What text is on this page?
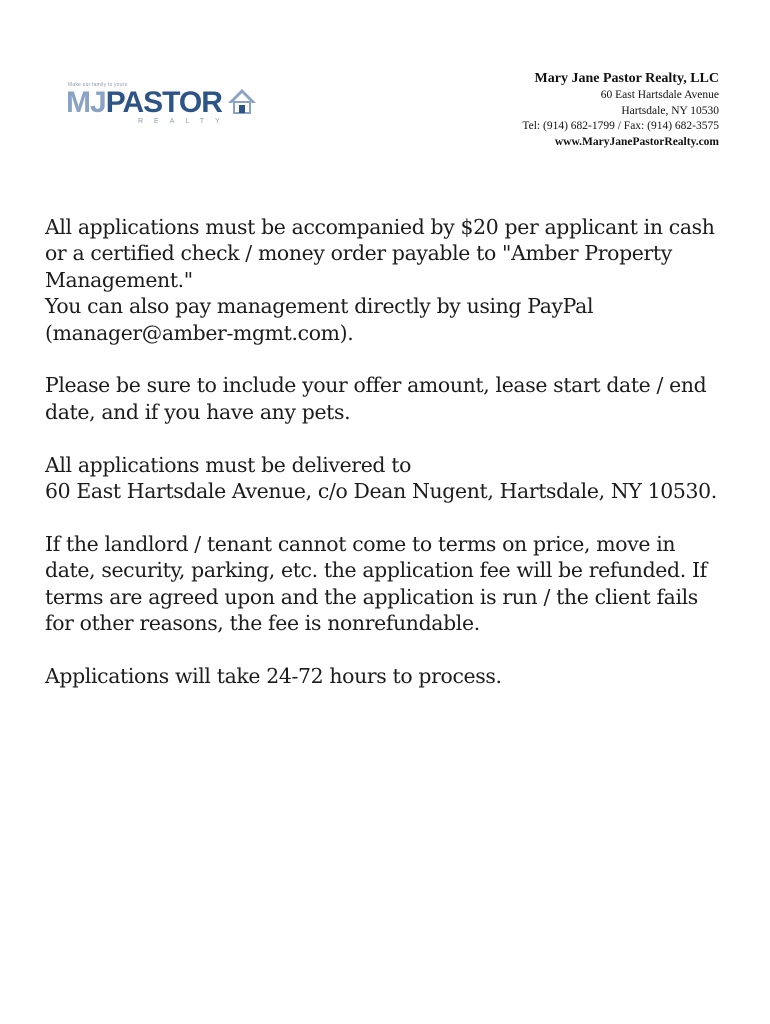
Make our family to yours
MJPASTOR
REALTY
Mary Jane Pastor Realty, LLC
60 East Hartsdale Avenue
Hartsdale, NY 10530
Tel: (914) 682-1799 / Fax: (914) 682-3575
www.MaryJanePastorRealty.com

All applications must be accompanied by $20 per applicant in cash
or a certified check / money order payable to "Amber Property
Management."
You can also pay management directly by using PayPal
(manager@amber-mgmt.com).

Please be sure to include your offer amount, lease start date / end
date, and if you have any pets.

All applications must be delivered to
60 East Hartsdale Avenue, c/o Dean Nugent, Hartsdale, NY 10530.

If the landlord / tenant cannot come to terms on price, move in
date, security, parking, etc. the application fee will be refunded. If
terms are agreed upon and the application is run / the client fails
for other reasons, the fee is nonrefundable.

Applications will take 24-72 hours to process.
